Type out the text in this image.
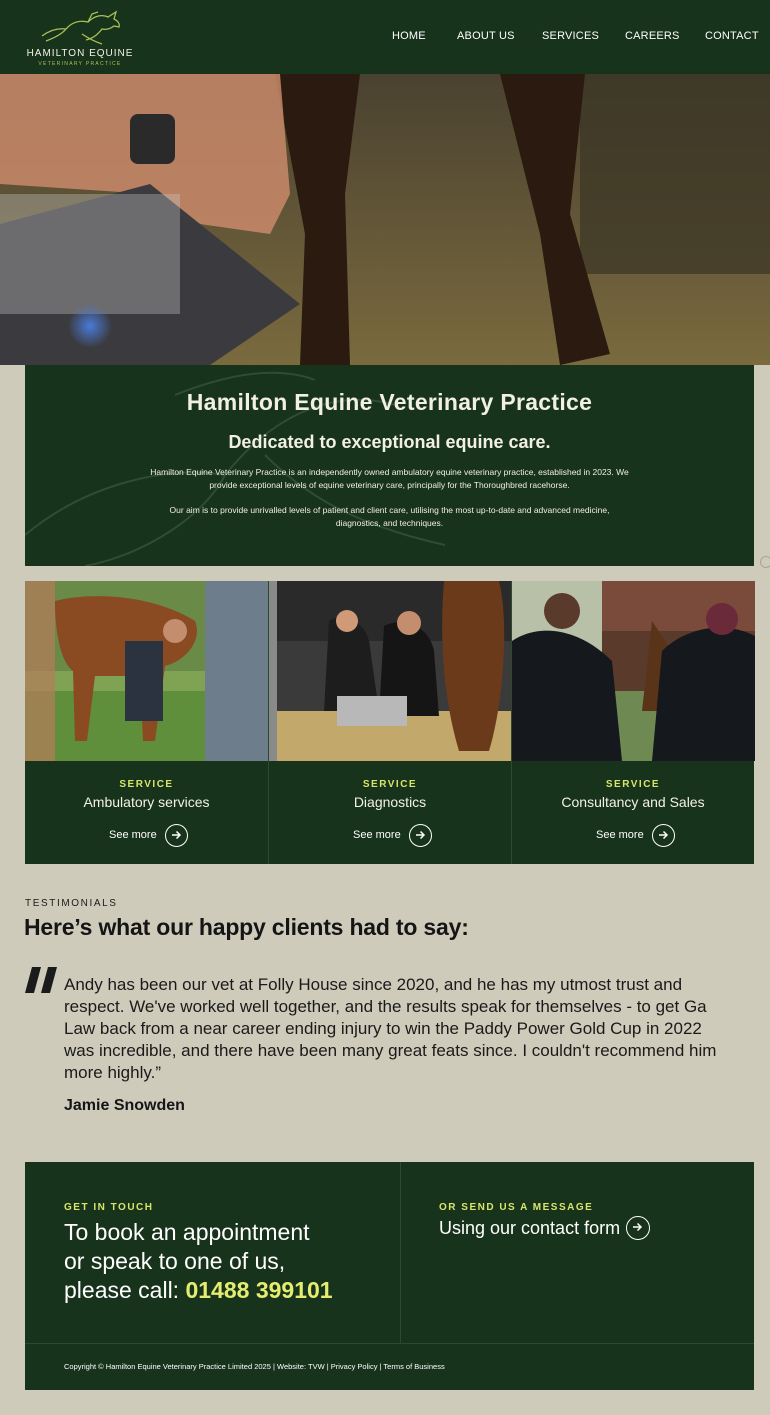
HAMILTON EQUINE
VETERINARY PRACTICE
HOME	ABOUT US SERVICES CAREERS CONTACT
Hamilton Equine Veterinary Practice
Dedicated to exceptional equine care.

Hamilton Equine Veterinary Practice is an independently owned ambulatory equine veterinary practice, established in 2023. We provide exceptional levels of equine veterinary care, principally for the Thoroughbred racehorse.

Our aim is to provide unrivalled levels of patient and client care, utilising the most up-to-date and advanced medicine, diagnostics, and techniques.

SERVICE
Ambulatory services
See more
SERVICE
Diagnostics
See more
SERVICE
Consultancy and Sales
See more
TESTIMONIALS
Here’s what our happy clients had to say:

Andy has been our vet at Folly House since 2020, and he has my utmost trust and respect. We've worked well together, and the results speak for themselves - to get Ga Law back from a near career ending injury to win the Paddy Power Gold Cup in 2022 was incredible, and there have been many great feats since. I couldn't recommend him more highly.”

Jamie Snowden
GET IN TOUCH
To book an appointment
or speak to one of us,
please call: 01488 399101
OR SEND US A MESSAGE
Using our contact form
Copyright © Hamilton Equine Veterinary Practice Limited 2025 | Website: TVW | Privacy Policy | Terms of Business
